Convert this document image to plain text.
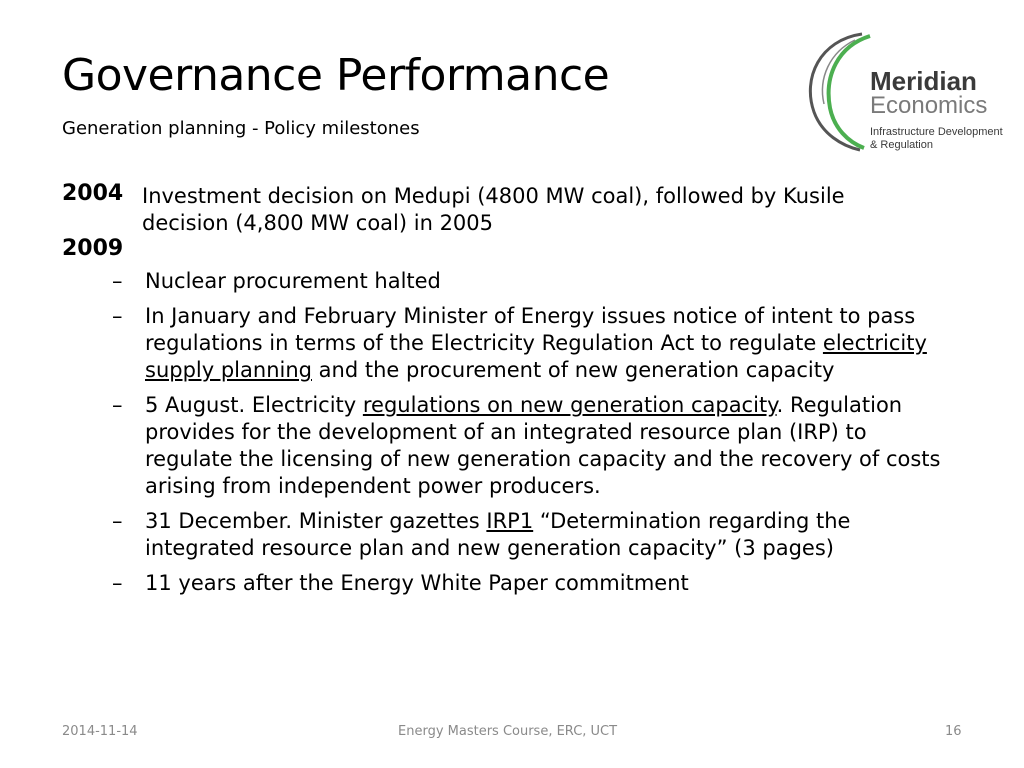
Governance Performance
Generation planning - Policy milestones
Meridian
Economics
Infrastructure Development
& Regulation
2004 Investment decision on Medupi (4800 MW coal), followed by Kusile
decision (4,800 MW coal) in 2005
2009
– Nuclear procurement halted
– In January and February Minister of Energy issues notice of intent to pass regulations in terms of the Electricity Regulation Act to regulate electricity supply planning and the procurement of new generation capacity
– 5 August. Electricity regulations on new generation capacity. Regulation provides for the development of an integrated resource plan (IRP) to regulate the licensing of new generation capacity and the recovery of costs arising from independent power producers.
– 31 December. Minister gazettes IRP1 “Determination regarding the integrated resource plan and new generation capacity” (3 pages)
– 11 years after the Energy White Paper commitment
2014-11-14	Energy Masters Course, ERC, UCT	16
